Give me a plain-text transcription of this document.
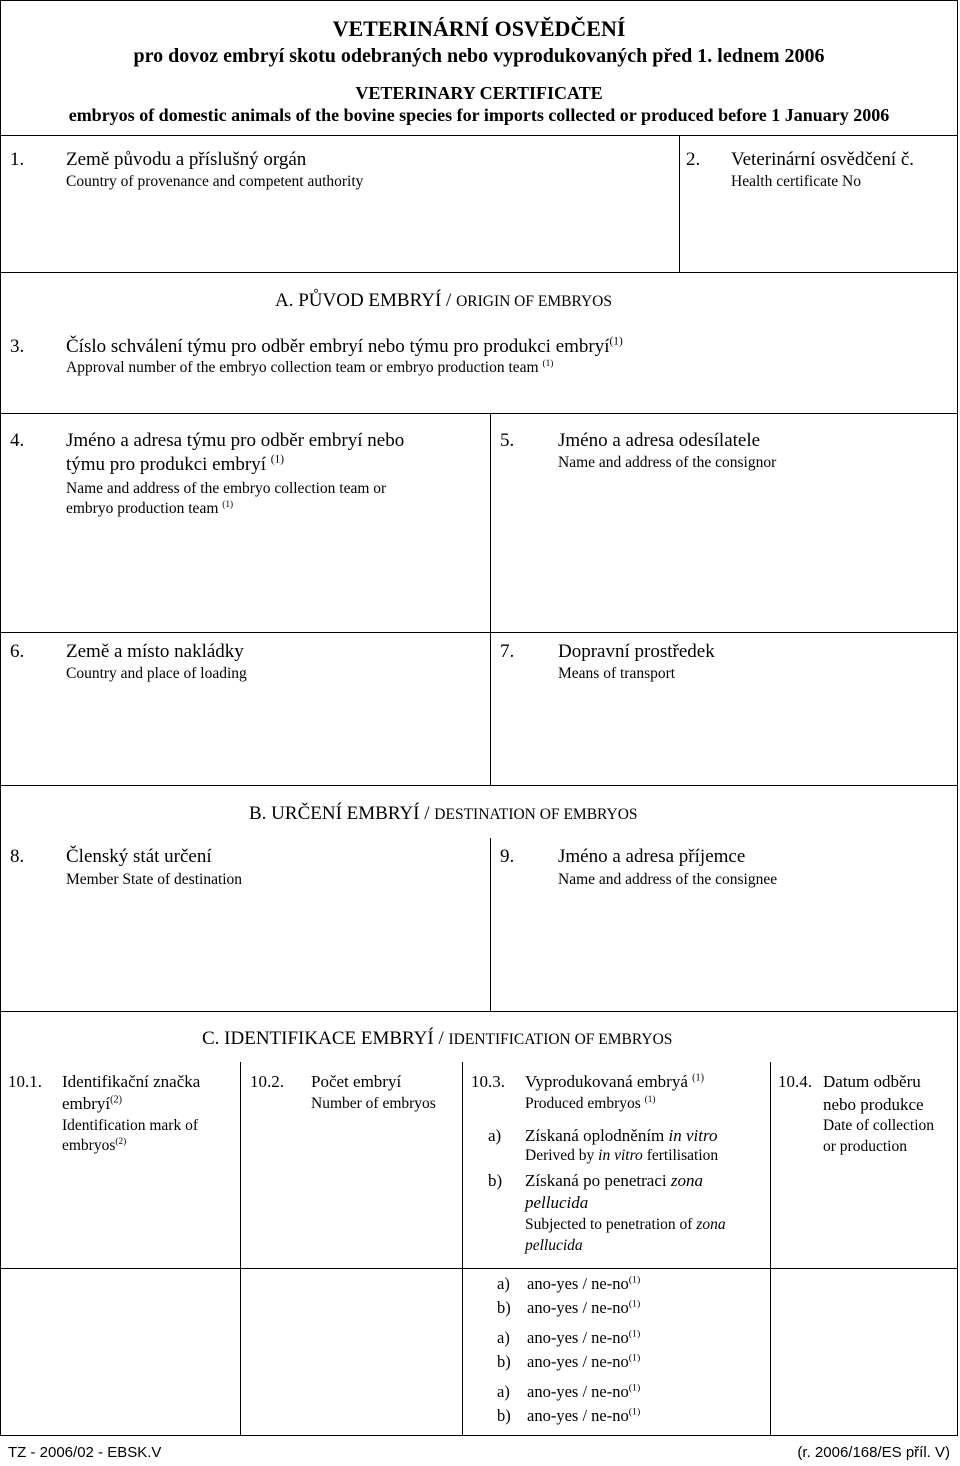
VETERINÁRNÍ OSVĚDČENÍ
pro dovoz embryí skotu odebraných nebo vyprodukovaných před 1. lednem 2006
VETERINARY CERTIFICATE
embryos of domestic animals of the bovine species for imports collected or produced before 1 January 2006
1. Země původu a příslušný orgán
Country of provenance and competent authority
2. Veterinární osvědčení č.
Health certificate No
A. PŮVOD EMBRYÍ / ORIGIN OF EMBRYOS
3. Číslo schválení týmu pro odběr embryí nebo týmu pro produkci embryí$^{(1)}$
Approval number of the embryo collection team or embryo production team $^{(1)}$
4. Jméno a adresa týmu pro odběr embryí nebo
týmu pro produkci embryí $^{(1)}$
Name and address of the embryo collection team or
embryo production team $^{(1)}$
5. Jméno a adresa odesílatele
Name and address of the consignor
6. Země a místo nakládky
Country and place of loading
7. Dopravní prostředek
Means of transport
B. URČENÍ EMBRYÍ / DESTINATION OF EMBRYOS
8. Členský stát určení
Member State of destination
9. Jméno a adresa příjemce
Name and address of the consignee
C. IDENTIFIKACE EMBRYÍ / IDENTIFICATION OF EMBRYOS
10.1. Identifikační značka
embryí$^{(2)}$
Identification mark of
embryos$^{(2)}$
10.2. Počet embryí
Number of embryos
10.3. Vyprodukovaná embryá $^{(1)}$
Produced embryos $^{(1)}$
a) Získaná oplodněním in vitro
Derived by in vitro fertilisation
b) Získaná po penetraci zona
pellucida
Subjected to penetration of zona
pellucida
10.4. Datum odběru
nebo produkce
Date of collection
or production
a) $ano-yes / ne-no^{(1)}$
b) $ano-yes / ne-no^{(1)}$
a) $ano-yes / ne-no^{(1)}$
b) $ano-yes / ne-no^{(1)}$
a) $ano-yes / ne-no^{(1)}$
b) $ano-yes / ne-no^{(1)}$
TZ - 2006/02 - EBSK.V	(r. 2006/168/ES příl. V)
